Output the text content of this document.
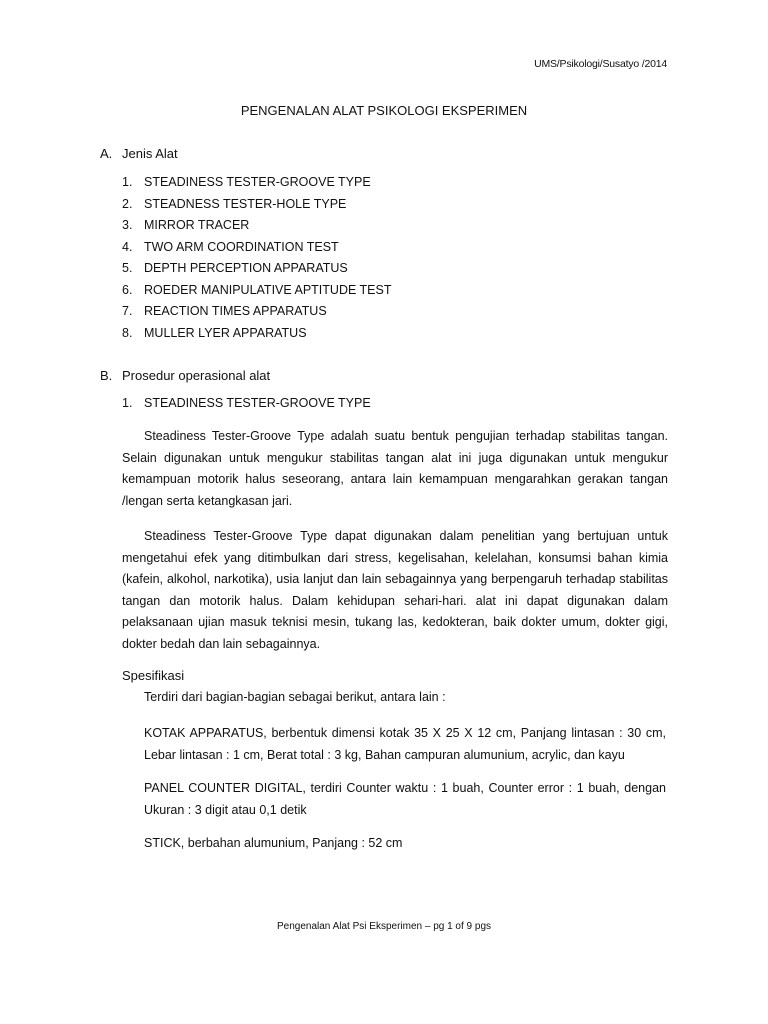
UMS/Psikologi/Susatyo /2014
PENGENALAN ALAT PSIKOLOGI EKSPERIMEN
A. Jenis Alat
1. STEADINESS TESTER-GROOVE TYPE
2. STEADNESS TESTER-HOLE TYPE
3. MIRROR TRACER
4. TWO ARM COORDINATION TEST
5. DEPTH PERCEPTION APPARATUS
6. ROEDER MANIPULATIVE APTITUDE TEST
7. REACTION TIMES APPARATUS
8. MULLER LYER APPARATUS
B. Prosedur operasional alat
1. STEADINESS TESTER-GROOVE TYPE

Steadiness Tester-Groove Type adalah suatu bentuk pengujian terhadap stabilitas tangan. Selain digunakan untuk mengukur stabilitas tangan alat ini juga digunakan untuk mengukur kemampuan motorik halus seseorang, antara lain kemampuan mengarahkan gerakan tangan /lengan serta ketangkasan jari.

Steadiness Tester-Groove Type dapat digunakan dalam penelitian yang bertujuan untuk mengetahui efek yang ditimbulkan dari stress, kegelisahan, kelelahan, konsumsi bahan kimia (kafein, alkohol, narkotika), usia lanjut dan lain sebagainnya yang berpengaruh terhadap stabilitas tangan dan motorik halus. Dalam kehidupan sehari-hari. alat ini dapat digunakan dalam pelaksanaan ujian masuk teknisi mesin, tukang las, kedokteran, baik dokter umum, dokter gigi, dokter bedah dan lain sebagainnya.

Spesifikasi

Terdiri dari bagian-bagian sebagai berikut, antara lain :

KOTAK APPARATUS, berbentuk dimensi kotak 35 X 25 X 12 cm, Panjang lintasan : 30 cm, Lebar lintasan : 1 cm, Berat total : 3 kg, Bahan campuran alumunium, acrylic, dan kayu

PANEL COUNTER DIGITAL, terdiri Counter waktu : 1 buah, Counter error : 1 buah, dengan Ukuran : 3 digit atau 0,1 detik

STICK, berbahan alumunium, Panjang : 52 cm

Pengenalan Alat Psi Eksperimen – pg 1 of 9 pgs
